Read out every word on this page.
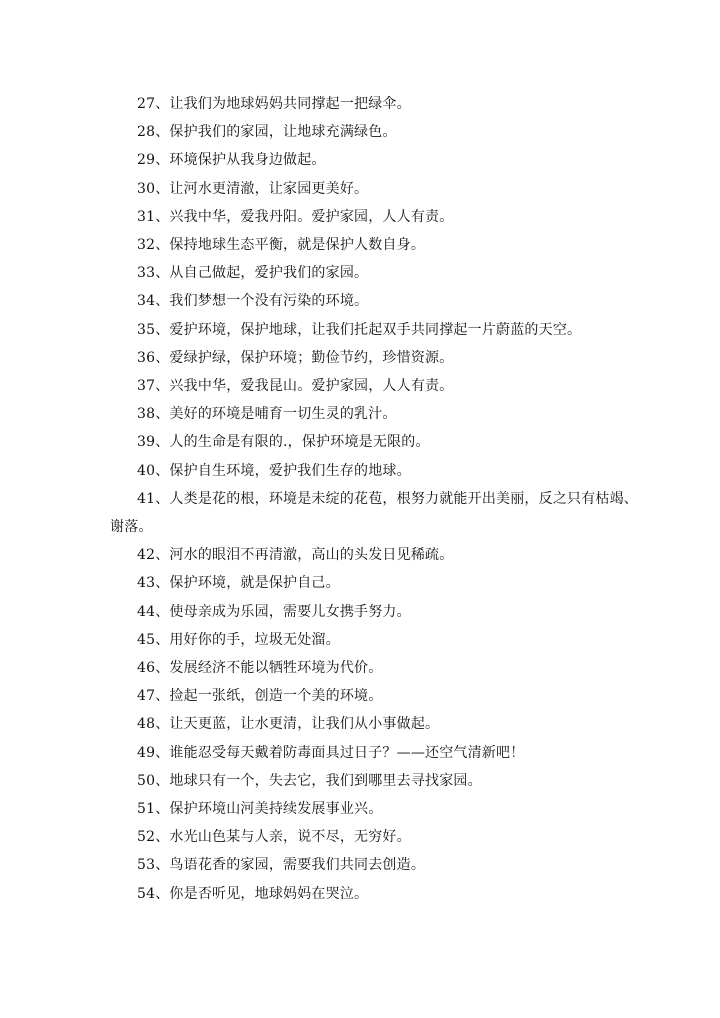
27、让我们为地球妈妈共同撑起一把绿伞。

28、保护我们的家园，让地球充满绿色。

29、环境保护从我身边做起。

30、让河水更清澈，让家园更美好。

31、兴我中华，爱我丹阳。爱护家园，人人有责。

32、保持地球生态平衡，就是保护人数自身。

33、从自己做起，爱护我们的家园。

34、我们梦想一个没有污染的环境。

35、爱护环境，保护地球，让我们托起双手共同撑起一片蔚蓝的天空。

36、爱绿护绿，保护环境；勤俭节约，珍惜资源。

37、兴我中华，爱我昆山。爱护家园，人人有责。

38、美好的环境是哺育一切生灵的乳汁。

39、人的生命是有限的.，保护环境是无限的。

40、保护自生环境，爱护我们生存的地球。

41、人类是花的根，环境是未绽的花苞，根努力就能开出美丽，反之只有枯竭、谢落。

42、河水的眼泪不再清澈，高山的头发日见稀疏。

43、保护环境，就是保护自己。

44、使母亲成为乐园，需要儿女携手努力。

45、用好你的手，垃圾无处溜。

46、发展经济不能以牺牲环境为代价。

47、捡起一张纸，创造一个美的环境。

48、让天更蓝，让水更清，让我们从小事做起。

49、谁能忍受每天戴着防毒面具过日子？——还空气清新吧！

50、地球只有一个，失去它，我们到哪里去寻找家园。

51、保护环境山河美持续发展事业兴。

52、水光山色某与人亲，说不尽，无穷好。

53、鸟语花香的家园，需要我们共同去创造。

54、你是否听见，地球妈妈在哭泣。
